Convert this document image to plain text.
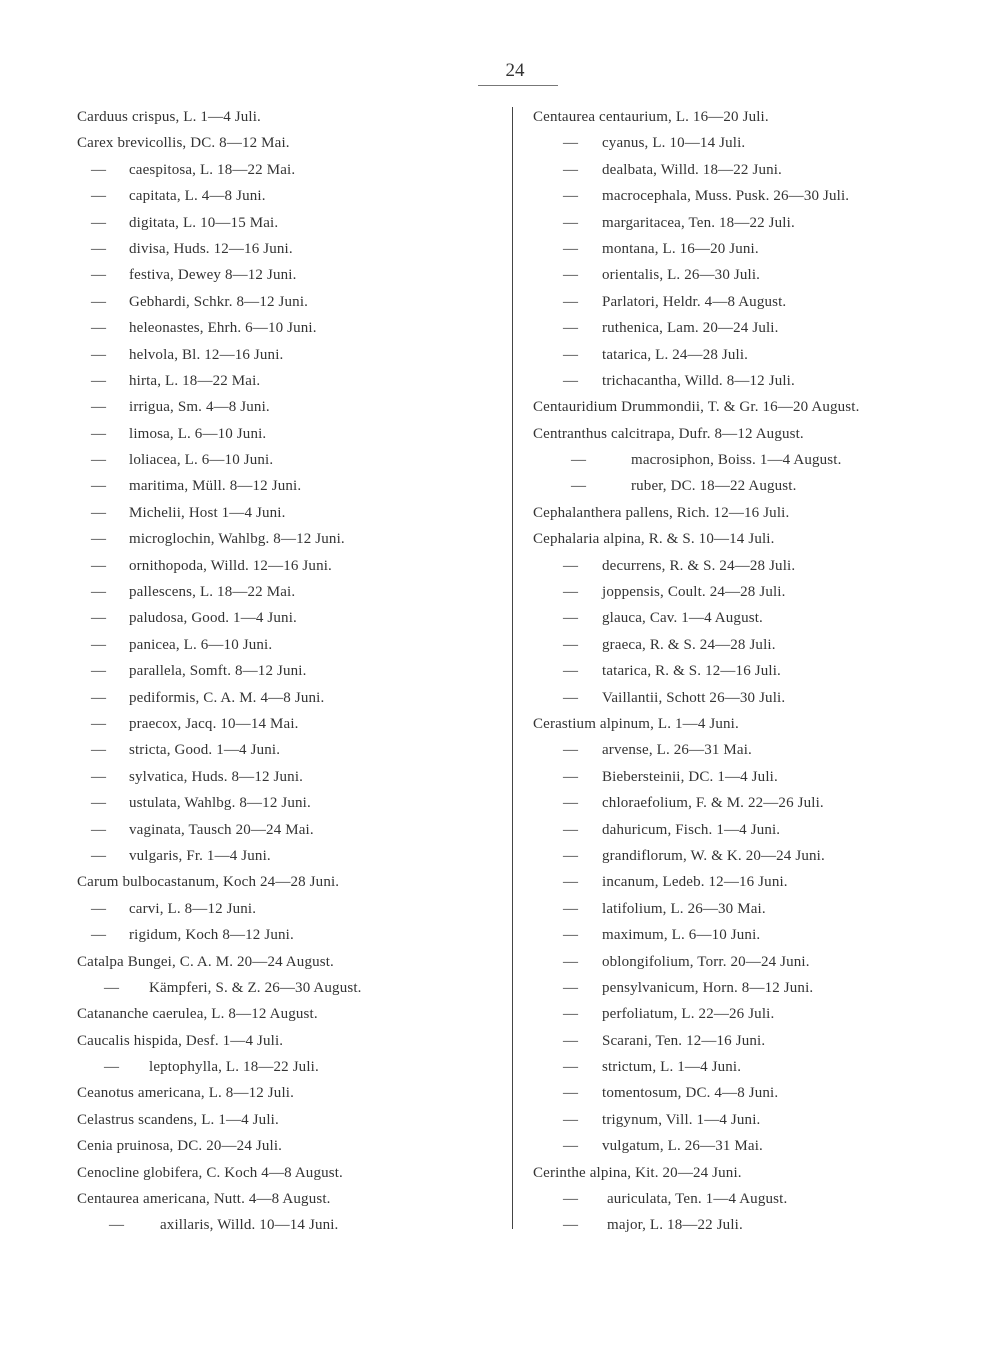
24
Carduus crispus, L. 1—4 Juli.
Carex brevicollis, DC. 8—12 Mai.
— caespitosa, L. 18—22 Mai.
— capitata, L. 4—8 Juni.
— digitata, L. 10—15 Mai.
— divisa, Huds. 12—16 Juni.
— festiva, Dewey 8—12 Juni.
— Gebhardi, Schkr. 8—12 Juni.
— heleonastes, Ehrh. 6—10 Juni.
— helvola, Bl. 12—16 Juni.
— hirta, L. 18—22 Mai.
— irrigua, Sm. 4—8 Juni.
— limosa, L. 6—10 Juni.
— loliacea, L. 6—10 Juni.
— maritima, Müll. 8—12 Juni.
— Michelii, Host 1—4 Juni.
— microglochin, Wahlbg. 8—12 Juni.
— ornithopoda, Willd. 12—16 Juni.
— pallescens, L. 18—22 Mai.
— paludosa, Good. 1—4 Juni.
— panicea, L. 6—10 Juni.
— parallela, Somft. 8—12 Juni.
— pediformis, C. A. M. 4—8 Juni.
— praecox, Jacq. 10—14 Mai.
— stricta, Good. 1—4 Juni.
— sylvatica, Huds. 8—12 Juni.
— ustulata, Wahlbg. 8—12 Juni.
— vaginata, Tausch 20—24 Mai.
— vulgaris, Fr. 1—4 Juni.
Carum bulbocastanum, Koch 24—28 Juni.
— carvi, L. 8—12 Juni.
— rigidum, Koch 8—12 Juni.
Catalpa Bungei, C. A. M. 20—24 August.
— Kämpferi, S. & Z. 26—30 August.
Catananche caerulea, L. 8—12 August.
Caucalis hispida, Desf. 1—4 Juli.
— leptophylla, L. 18—22 Juli.
Ceanotus americana, L. 8—12 Juli.
Celastrus scandens, L. 1—4 Juli.
Cenia pruinosa, DC. 20—24 Juli.
Cenocline globifera, C. Koch 4—8 August.
Centaurea americana, Nutt. 4—8 August.
— axillaris, Willd. 10—14 Juni.
Centaurea centaurium, L. 16—20 Juli.
— cyanus, L. 10—14 Juli.
— dealbata, Willd. 18—22 Juni.
— macrocephala, Muss. Pusk. 26—30 Juli.
— margaritacea, Ten. 18—22 Juli.
— montana, L. 16—20 Juni.
— orientalis, L. 26—30 Juli.
— Parlatori, Heldr. 4—8 August.
— ruthenica, Lam. 20—24 Juli.
— tatarica, L. 24—28 Juli.
— trichacantha, Willd. 8—12 Juli.
Centauridium Drummondii, T. & Gr. 16—20 August.
Centranthus calcitrapa, Dufr. 8—12 August.
—	macrosiphon, Boiss. 1—4 August.
—	ruber, DC. 18—22 August.
Cephalanthera pallens, Rich. 12—16 Juli.
Cephalaria alpina, R. & S. 10—14 Juli.
— decurrens, R. & S. 24—28 Juli.
— joppensis, Coult. 24—28 Juli.
— glauca, Cav. 1—4 August.
— graeca, R. & S. 24—28 Juli.
— tatarica, R. & S. 12—16 Juli.
— Vaillantii, Schott 26—30 Juli.
Cerastium alpinum, L. 1—4 Juni.
— arvense, L. 26—31 Mai.
— Biebersteinii, DC. 1—4 Juli.
— chloraefolium, F. & M. 22—26 Juli.
— dahuricum, Fisch. 1—4 Juni.
— grandiflorum, W. & K. 20—24 Juni.
— incanum, Ledeb. 12—16 Juni.
— latifolium, L. 26—30 Mai.
— maximum, L. 6—10 Juni.
— oblongifolium, Torr. 20—24 Juni.
— pensylvanicum, Horn. 8—12 Juni.
— perfoliatum, L. 22—26 Juli.
— Scarani, Ten. 12—16 Juni.
— strictum, L. 1—4 Juni.
— tomentosum, DC. 4—8 Juni.
— trigynum, Vill. 1—4 Juni.
— vulgatum, L. 26—31 Mai.
Cerinthe alpina, Kit. 20—24 Juni.
— auriculata, Ten. 1—4 August.
— major, L. 18—22 Juli.
